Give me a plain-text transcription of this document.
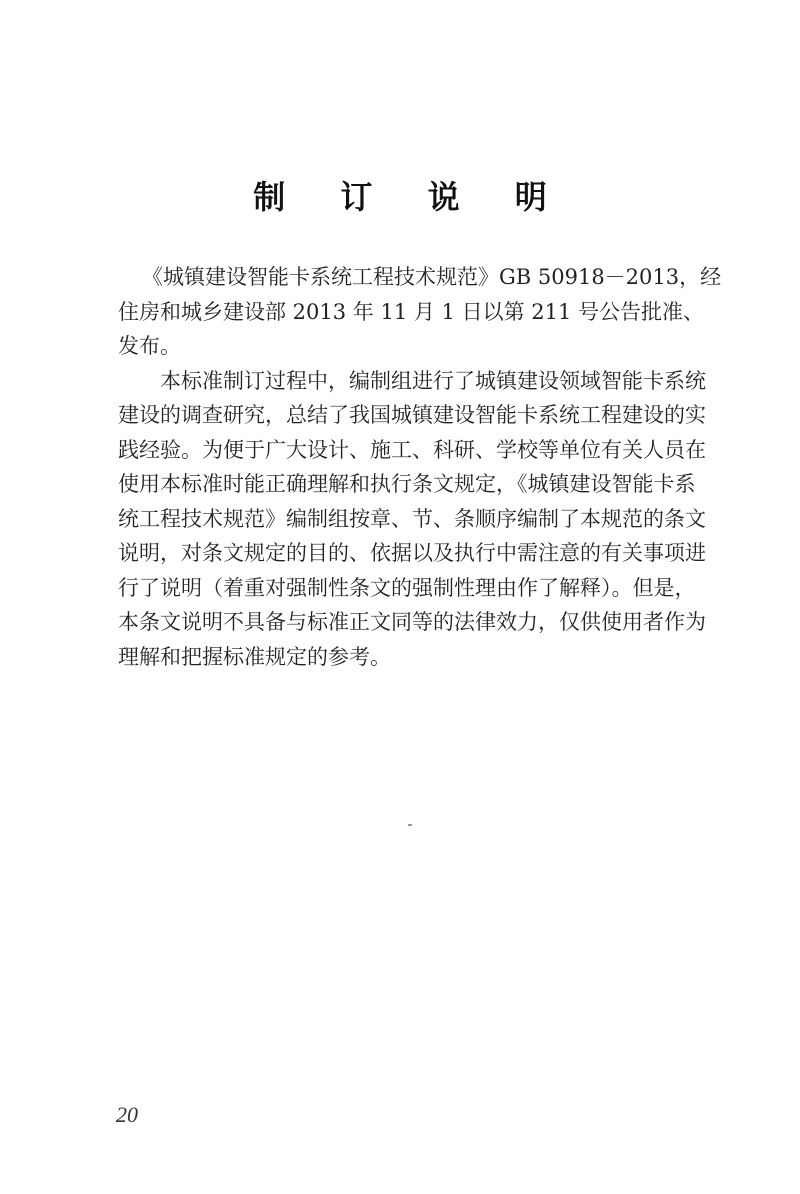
制 订 说 明
《城镇建设智能卡系统工程技术规范》GB 50918－2013，经
住房和城乡建设部 2013 年 11 月 1 日以第 211 号公告批准、
发布。
本标准制订过程中，编制组进行了城镇建设领域智能卡系统
建设的调查研究，总结了我国城镇建设智能卡系统工程建设的实
践经验。为便于广大设计、施工、科研、学校等单位有关人员在
使用本标准时能正确理解和执行条文规定，《城镇建设智能卡系
统工程技术规范》编制组按章、节、条顺序编制了本规范的条文
说明，对条文规定的目的、依据以及执行中需注意的有关事项进
行了说明（着重对强制性条文的强制性理由作了解释）。但是，
本条文说明不具备与标准正文同等的法律效力，仅供使用者作为
理解和把握标准规定的参考。
20
